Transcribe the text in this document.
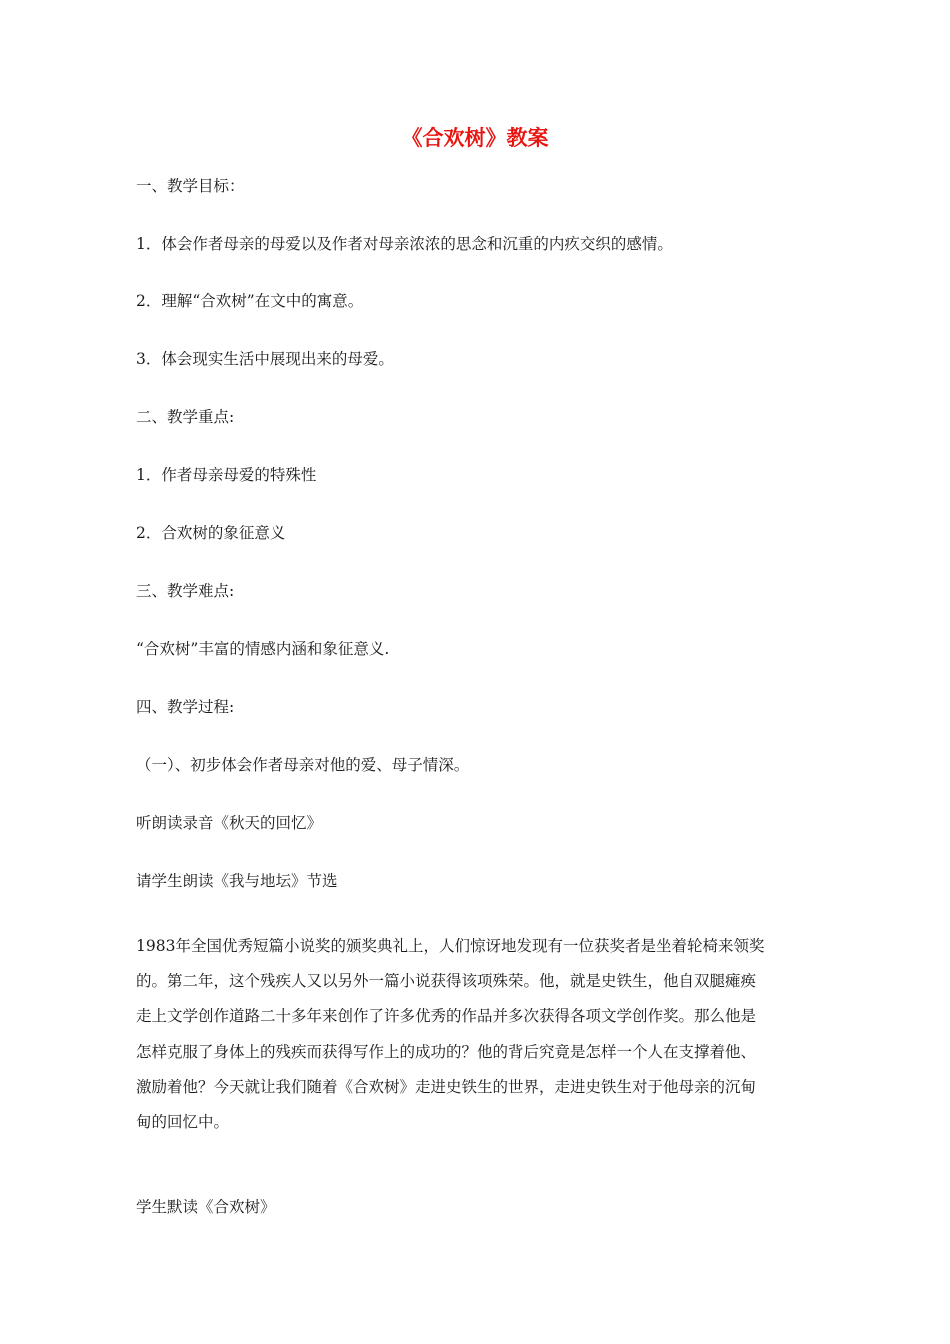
《合欢树》教案
一、教学目标：
1．体会作者母亲的母爱以及作者对母亲浓浓的思念和沉重的内疚交织的感情。
2．理解“合欢树”在文中的寓意。
3．体会现实生活中展现出来的母爱。
二、教学重点:
1．作者母亲母爱的特殊性
2．合欢树的象征意义
三、教学难点:
“合欢树”丰富的情感内涵和象征意义.
四、教学过程:
（一）、初步体会作者母亲对他的爱、母子情深。
听朗读录音《秋天的回忆》
请学生朗读《我与地坛》节选
1983年全国优秀短篇小说奖的颁奖典礼上，人们惊讶地发现有一位获奖者是坐着轮椅来领奖
的。第二年，这个残疾人又以另外一篇小说获得该项殊荣。他，就是史铁生，他自双腿瘫痪
走上文学创作道路二十多年来创作了许多优秀的作品并多次获得各项文学创作奖。那么他是
怎样克服了身体上的残疾而获得写作上的成功的？他的背后究竟是怎样一个人在支撑着他、
激励着他？今天就让我们随着《合欢树》走进史铁生的世界，走进史铁生对于他母亲的沉甸
甸的回忆中。
学生默读《合欢树》
